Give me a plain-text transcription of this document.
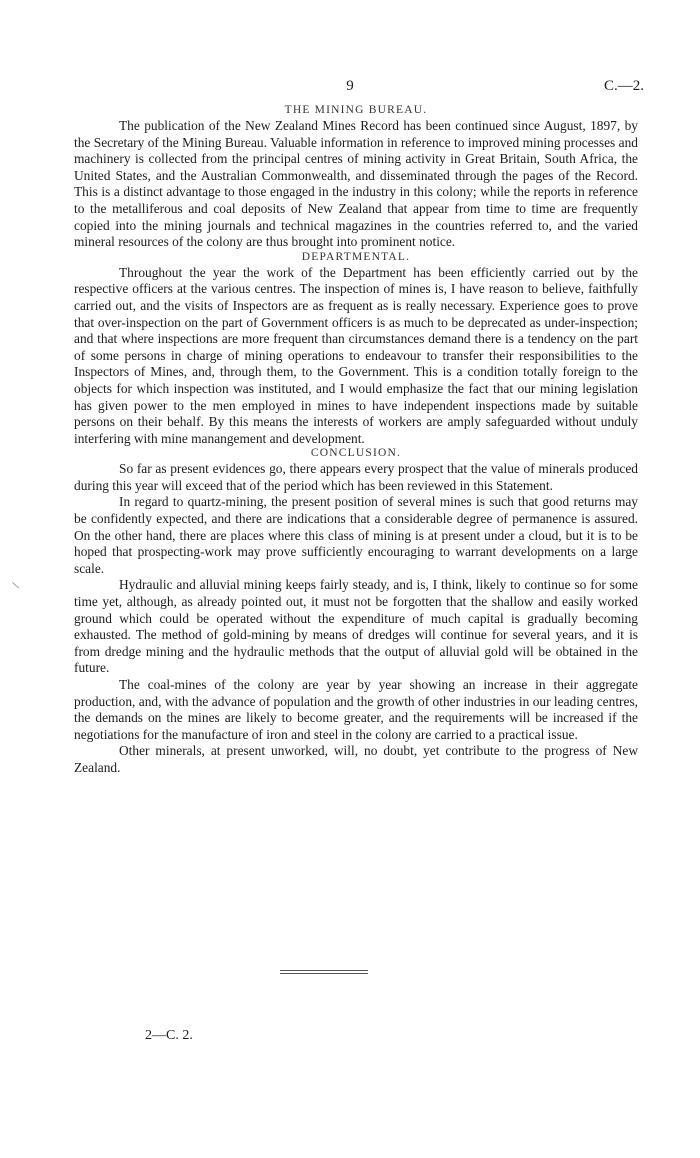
9	C.—2.
\
THE MINING BUREAU.

The publication of the New Zealand Mines Record has been continued since August, 1897, by the Secretary of the Mining Bureau. Valuable information in reference to improved mining processes and machinery is collected from the principal centres of mining activity in Great Britain, South Africa, the United States, and the Australian Commonwealth, and disseminated through the pages of the Record. This is a distinct advantage to those engaged in the industry in this colony; while the reports in reference to the metalliferous and coal deposits of New Zealand that appear from time to time are frequently copied into the mining journals and technical magazines in the countries referred to, and the varied mineral resources of the colony are thus brought into prominent notice.

DEPARTMENTAL.

Throughout the year the work of the Department has been efficiently carried out by the respective officers at the various centres. The inspection of mines is, I have reason to believe, faithfully carried out, and the visits of Inspectors are as frequent as is really necessary. Experience goes to prove that over-inspection on the part of Government officers is as much to be deprecated as under-inspection; and that where inspections are more frequent than circumstances demand there is a tendency on the part of some persons in charge of mining operations to endeavour to transfer their responsibilities to the Inspectors of Mines, and, through them, to the Government. This is a condition totally foreign to the objects for which inspection was instituted, and I would emphasize the fact that our mining legislation has given power to the men employed in mines to have independent inspections made by suitable persons on their behalf. By this means the interests of workers are amply safeguarded without unduly interfering with mine manangement and development.

CONCLUSION.

So far as present evidences go, there appears every prospect that the value of minerals produced during this year will exceed that of the period which has been reviewed in this Statement.

In regard to quartz-mining, the present position of several mines is such that good returns may be confidently expected, and there are indications that a considerable degree of permanence is assured. On the other hand, there are places where this class of mining is at present under a cloud, but it is to be hoped that prospecting-work may prove sufficiently encouraging to warrant developments on a large scale.

Hydraulic and alluvial mining keeps fairly steady, and is, I think, likely to continue so for some time yet, although, as already pointed out, it must not be forgotten that the shallow and easily worked ground which could be operated without the expenditure of much capital is gradually becoming exhausted. The method of gold-mining by means of dredges will continue for several years, and it is from dredge mining and the hydraulic methods that the output of alluvial gold will be obtained in the future.

The coal-mines of the colony are year by year showing an increase in their aggregate production, and, with the advance of population and the growth of other industries in our leading centres, the demands on the mines are likely to become greater, and the requirements will be increased if the negotiations for the manufacture of iron and steel in the colony are carried to a practical issue.

Other minerals, at present unworked, will, no doubt, yet contribute to the progress of New Zealand.

2—C. 2.
